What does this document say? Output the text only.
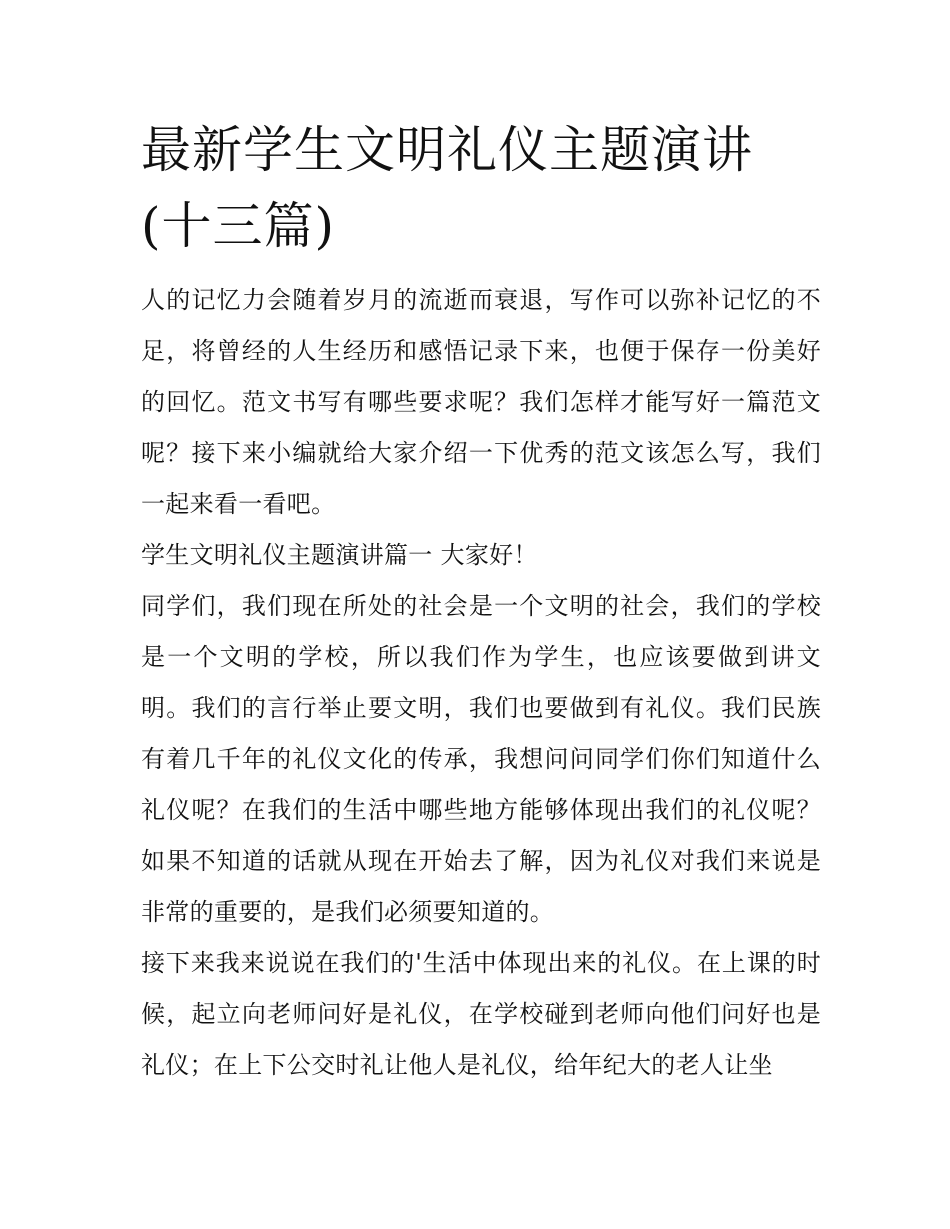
最新学生文明礼仪主题演讲(十三篇)

人的记忆力会随着岁月的流逝而衰退，写作可以弥补记忆的不足，将曾经的人生经历和感悟记录下来，也便于保存一份美好的回忆。范文书写有哪些要求呢？我们怎样才能写好一篇范文呢？接下来小编就给大家介绍一下优秀的范文该怎么写，我们一起来看一看吧。

学生文明礼仪主题演讲篇一 大家好！

同学们，我们现在所处的社会是一个文明的社会，我们的学校是一个文明的学校，所以我们作为学生，也应该要做到讲文明。我们的言行举止要文明，我们也要做到有礼仪。我们民族有着几千年的礼仪文化的传承，我想问问同学们你们知道什么礼仪呢？在我们的生活中哪些地方能够体现出我们的礼仪呢？如果不知道的话就从现在开始去了解，因为礼仪对我们来说是非常的重要的，是我们必须要知道的。

接下来我来说说在我们的'生活中体现出来的礼仪。在上课的时候，起立向老师问好是礼仪，在学校碰到老师向他们问好也是礼仪；在上下公交时礼让他人是礼仪，给年纪大的老人让坐
